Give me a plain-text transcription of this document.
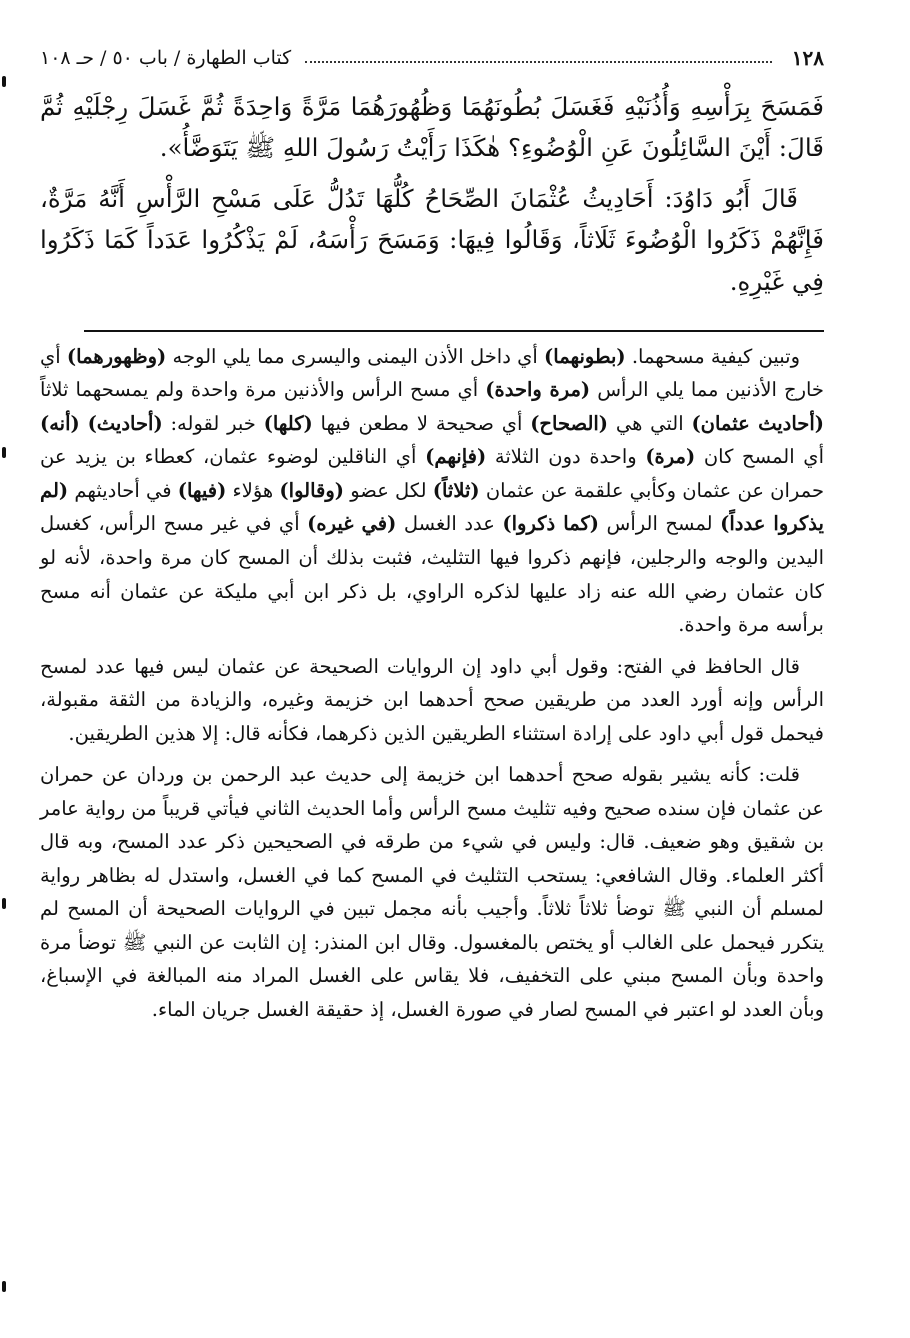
١٢٨
كتاب الطهارة / باب ٥٠ / حـ ١٠٨

فَمَسَحَ بِرَأْسِهِ وَأُذُنَيْهِ فَغَسَلَ بُطُونَهُمَا وَظُهُورَهُمَا مَرَّةً وَاحِدَةً ثُمَّ غَسَلَ رِجْلَيْهِ ثُمَّ قَالَ: أَيْنَ السَّائِلُونَ عَنِ الْوُضُوءِ؟ هٰكَذَا رَأَيْتُ رَسُولَ اللهِ ﷺ يَتَوَضَّأُ».

قَالَ أَبُو دَاوُدَ: أَحَادِيثُ عُثْمَانَ الصِّحَاحُ كُلُّهَا تَدُلُّ عَلَى مَسْحِ الرَّأْسِ أَنَّهُ مَرَّةٌ، فَإِنَّهُمْ ذَكَرُوا الْوُضُوءَ ثَلَاثاً، وَقَالُوا فِيهَا: وَمَسَحَ رَأْسَهُ، لَمْ يَذْكُرُوا عَدَداً كَمَا ذَكَرُوا فِي غَيْرِهِ.

وتبين كيفية مسحهما. (بطونهما) أي داخل الأذن اليمنى واليسرى مما يلي الوجه (وظهورهما) أي خارج الأذنين مما يلي الرأس (مرة واحدة) أي مسح الرأس والأذنين مرة واحدة ولم يمسحهما ثلاثاً (أحاديث عثمان) التي هي (الصحاح) أي صحيحة لا مطعن فيها (كلها) خبر لقوله: (أحاديث) (أنه) أي المسح كان (مرة) واحدة دون الثلاثة (فإنهم) أي الناقلين لوضوء عثمان، كعطاء بن يزيد عن حمران عن عثمان وكأبي علقمة عن عثمان (ثلاثاً) لكل عضو (وقالوا) هؤلاء (فيها) في أحاديثهم (لم يذكروا عدداً) لمسح الرأس (كما ذكروا) عدد الغسل (في غيره) أي في غير مسح الرأس، كغسل اليدين والوجه والرجلين، فإنهم ذكروا فيها التثليث، فثبت بذلك أن المسح كان مرة واحدة، لأنه لو كان عثمان رضي الله عنه زاد عليها لذكره الراوي، بل ذكر ابن أبي مليكة عن عثمان أنه مسح برأسه مرة واحدة.

قال الحافظ في الفتح: وقول أبي داود إن الروايات الصحيحة عن عثمان ليس فيها عدد لمسح الرأس وإنه أورد العدد من طريقين صحح أحدهما ابن خزيمة وغيره، والزيادة من الثقة مقبولة، فيحمل قول أبي داود على إرادة استثناء الطريقين الذين ذكرهما، فكأنه قال: إلا هذين الطريقين.

قلت: كأنه يشير بقوله صحح أحدهما ابن خزيمة إلى حديث عبد الرحمن بن وردان عن حمران عن عثمان فإن سنده صحيح وفيه تثليث مسح الرأس وأما الحديث الثاني فيأتي قريباً من رواية عامر بن شقيق وهو ضعيف. قال: وليس في شيء من طرقه في الصحيحين ذكر عدد المسح، وبه قال أكثر العلماء. وقال الشافعي: يستحب التثليث في المسح كما في الغسل، واستدل له بظاهر رواية لمسلم أن النبي ﷺ توضأ ثلاثاً ثلاثاً. وأجيب بأنه مجمل تبين في الروايات الصحيحة أن المسح لم يتكرر فيحمل على الغالب أو يختص بالمغسول. وقال ابن المنذر: إن الثابت عن النبي ﷺ توضأ مرة واحدة وبأن المسح مبني على التخفيف، فلا يقاس على الغسل المراد منه المبالغة في الإسباغ، وبأن العدد لو اعتبر في المسح لصار في صورة الغسل، إذ حقيقة الغسل جريان الماء.
